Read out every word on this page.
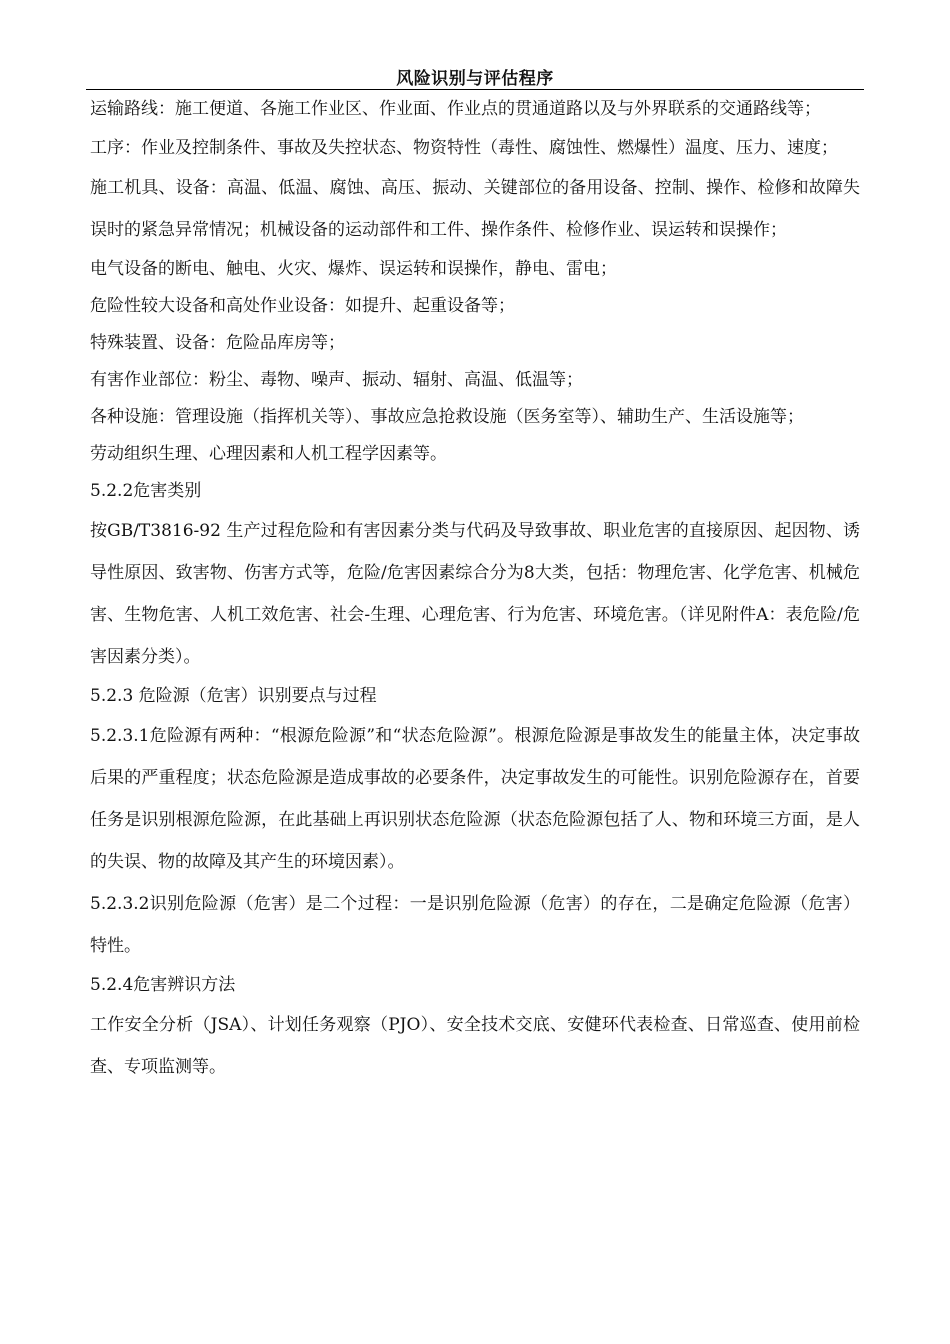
风险识别与评估程序

运输路线：施工便道、各施工作业区、作业面、作业点的贯通道路以及与外界联系的交通路线等；

工序：作业及控制条件、事故及失控状态、物资特性（毒性、腐蚀性、燃爆性）温度、压力、速度；

施工机具、设备：高温、低温、腐蚀、高压、振动、关键部位的备用设备、控制、操作、检修和故障失误时的紧急异常情况；机械设备的运动部件和工件、操作条件、检修作业、误运转和误操作；

电气设备的断电、触电、火灾、爆炸、误运转和误操作，静电、雷电；

危险性较大设备和高处作业设备：如提升、起重设备等；

特殊装置、设备：危险品库房等；

有害作业部位：粉尘、毒物、噪声、振动、辐射、高温、低温等；

各种设施：管理设施（指挥机关等）、事故应急抢救设施（医务室等）、辅助生产、生活设施等；

劳动组织生理、心理因素和人机工程学因素等。

5.2.2危害类别

按GB/T3816-92 生产过程危险和有害因素分类与代码及导致事故、职业危害的直接原因、起因物、诱导性原因、致害物、伤害方式等，危险/危害因素综合分为8大类，包括：物理危害、化学危害、机械危害、生物危害、人机工效危害、社会-生理、心理危害、行为危害、环境危害。（详见附件A：表危险/危害因素分类）。

5.2.3 危险源（危害）识别要点与过程

5.2.3.1危险源有两种：“根源危险源”和“状态危险源”。根源危险源是事故发生的能量主体，决定事故后果的严重程度；状态危险源是造成事故的必要条件，决定事故发生的可能性。识别危险源存在，首要任务是识别根源危险源，在此基础上再识别状态危险源（状态危险源包括了人、物和环境三方面，是人的失误、物的故障及其产生的环境因素）。

5.2.3.2识别危险源（危害）是二个过程：一是识别危险源（危害）的存在，二是确定危险源（危害）特性。

5.2.4危害辨识方法

工作安全分析（JSA）、计划任务观察（PJO）、安全技术交底、安健环代表检查、日常巡查、使用前检查、专项监测等。
